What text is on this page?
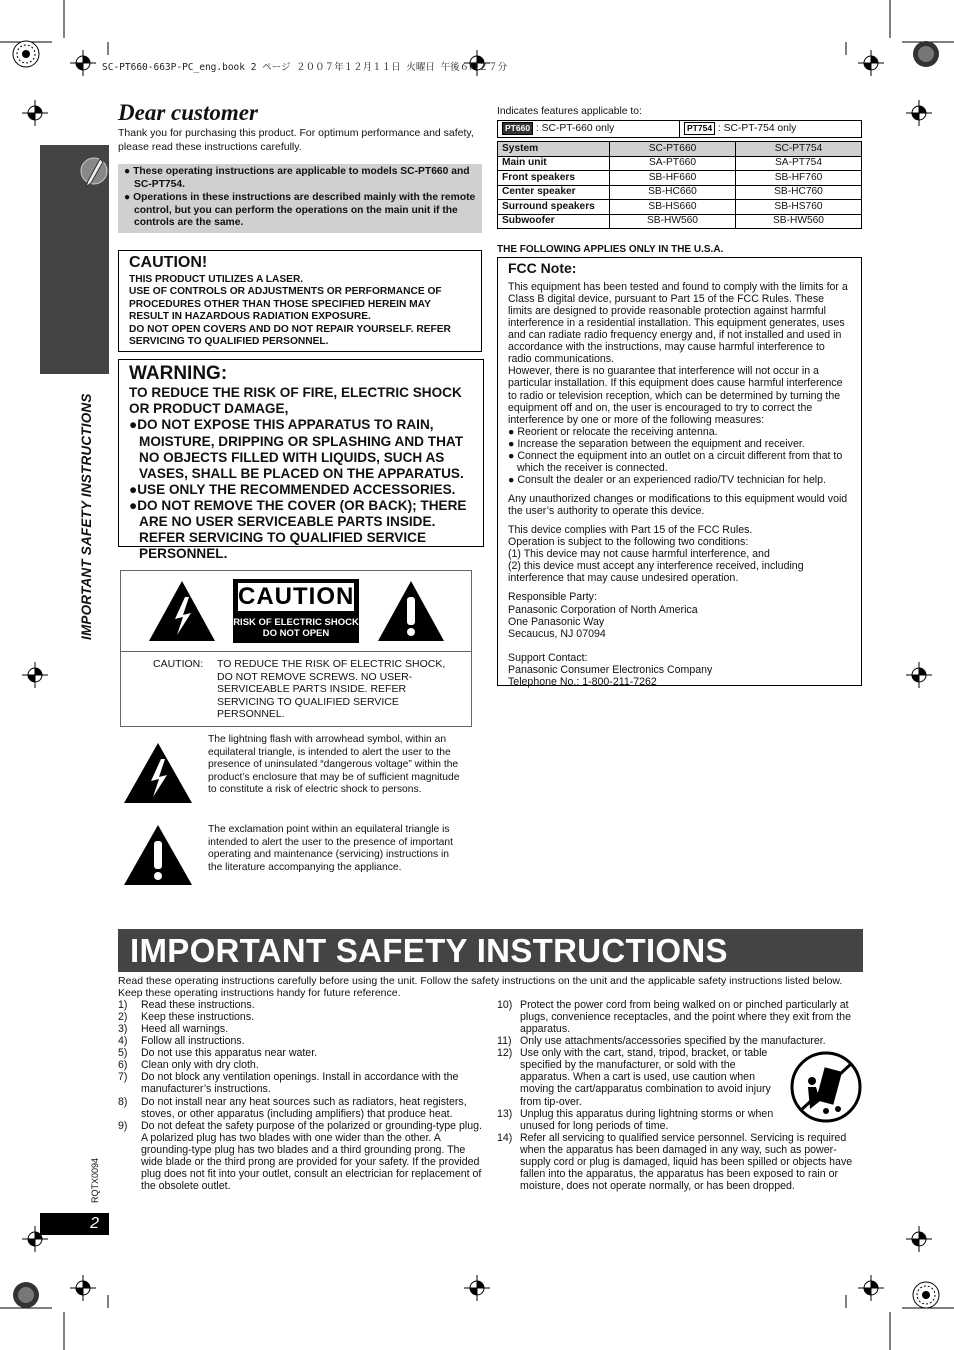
SC-PT660-663P-PC_eng.book 2 ページ ２００７年１２月１１日 火曜日 午後６時２７分
IMPORTANT SAFETY INSTRUCTIONS
RQTX0094
2
Dear customer
Thank you for purchasing this product. For optimum performance and safety, please read these instructions carefully.
● These operating instructions are applicable to models SC-PT660 and SC-PT754.
● Operations in these instructions are described mainly with the remote control, but you can perform the operations on the main unit if the controls are the same.
CAUTION!
THIS PRODUCT UTILIZES A LASER.
USE OF CONTROLS OR ADJUSTMENTS OR PERFORMANCE OF PROCEDURES OTHER THAN THOSE SPECIFIED HEREIN MAY RESULT IN HAZARDOUS RADIATION EXPOSURE.
DO NOT OPEN COVERS AND DO NOT REPAIR YOURSELF. REFER SERVICING TO QUALIFIED PERSONNEL.
WARNING:
TO REDUCE THE RISK OF FIRE, ELECTRIC SHOCK OR PRODUCT DAMAGE,
●DO NOT EXPOSE THIS APPARATUS TO RAIN, MOISTURE, DRIPPING OR SPLASHING AND THAT NO OBJECTS FILLED WITH LIQUIDS, SUCH AS VASES, SHALL BE PLACED ON THE APPARATUS.
●USE ONLY THE RECOMMENDED ACCESSORIES.
●DO NOT REMOVE THE COVER (OR BACK); THERE ARE NO USER SERVICEABLE PARTS INSIDE. REFER SERVICING TO QUALIFIED SERVICE PERSONNEL.
CAUTION
RISK OF ELECTRIC SHOCK DO NOT OPEN
CAUTION: TO REDUCE THE RISK OF ELECTRIC SHOCK, DO NOT REMOVE SCREWS. NO USER-SERVICEABLE PARTS INSIDE. REFER SERVICING TO QUALIFIED SERVICE PERSONNEL.
The lightning flash with arrowhead symbol, within an equilateral triangle, is intended to alert the user to the presence of uninsulated “dangerous voltage” within the product’s enclosure that may be of sufficient magnitude to constitute a risk of electric shock to persons.
The exclamation point within an equilateral triangle is intended to alert the user to the presence of important operating and maintenance (servicing) instructions in the literature accompanying the appliance.
Indicates features applicable to:
PT660 : SC-PT-660 only	PT754 : SC-PT-754 only
System	SC-PT660	SC-PT754
Main unit	SA-PT660	SA-PT754
Front speakers	SB-HF660	SB-HF760
Center speaker	SB-HC660	SB-HC760
Surround speakers	SB-HS660	SB-HS760
Subwoofer	SB-HW560	SB-HW560
THE FOLLOWING APPLIES ONLY IN THE U.S.A.
FCC Note:

This equipment has been tested and found to comply with the limits for a Class B digital device, pursuant to Part 15 of the FCC Rules. These limits are designed to provide reasonable protection against harmful interference in a residential installation. This equipment generates, uses and can radiate radio frequency energy and, if not installed and used in accordance with the instructions, may cause harmful interference to radio communications.

However, there is no guarantee that interference will not occur in a particular installation. If this equipment does cause harmful interference to radio or television reception, which can be determined by turning the equipment off and on, the user is encouraged to try to correct the interference by one or more of the following measures:

● Reorient or relocate the receiving antenna.

● Increase the separation between the equipment and receiver.

● Connect the equipment into an outlet on a circuit different from that to which the receiver is connected.

● Consult the dealer or an experienced radio/TV technician for help.

Any unauthorized changes or modifications to this equipment would void the user’s authority to operate this device.

This device complies with Part 15 of the FCC Rules.

Operation is subject to the following two conditions:

(1) This device may not cause harmful interference, and

(2) this device must accept any interference received, including interference that may cause undesired operation.

Responsible Party:

Panasonic Corporation of North America

One Panasonic Way

Secaucus, NJ 07094

Support Contact:

Panasonic Consumer Electronics Company

Telephone No.: 1-800-211-7262

IMPORTANT SAFETY INSTRUCTIONS
Read these operating instructions carefully before using the unit. Follow the safety instructions on the unit and the applicable safety instructions listed below. Keep these operating instructions handy for future reference.
1) Read these instructions.
2) Keep these instructions.
3) Heed all warnings.
4) Follow all instructions.
5) Do not use this apparatus near water.
6) Clean only with dry cloth.
7) Do not block any ventilation openings. Install in accordance with the manufacturer’s instructions.
8) Do not install near any heat sources such as radiators, heat registers, stoves, or other apparatus (including amplifiers) that produce heat.
9) Do not defeat the safety purpose of the polarized or grounding-type plug. A polarized plug has two blades with one wider than the other. A grounding-type plug has two blades and a third grounding prong. The wide blade or the third prong are provided for your safety. If the provided plug does not fit into your outlet, consult an electrician for replacement of the obsolete outlet.
10) Protect the power cord from being walked on or pinched particularly at plugs, convenience receptacles, and the point where they exit from the apparatus.
11) Only use attachments/accessories specified by the manufacturer.
12) Use only with the cart, stand, tripod, bracket, or table specified by the manufacturer, or sold with the apparatus. When a cart is used, use caution when moving the cart/apparatus combination to avoid injury from tip-over.
13) Unplug this apparatus during lightning storms or when unused for long periods of time.
14) Refer all servicing to qualified service personnel. Servicing is required when the apparatus has been damaged in any way, such as power-supply cord or plug is damaged, liquid has been spilled or objects have fallen into the apparatus, the apparatus has been exposed to rain or moisture, does not operate normally, or has been dropped.
